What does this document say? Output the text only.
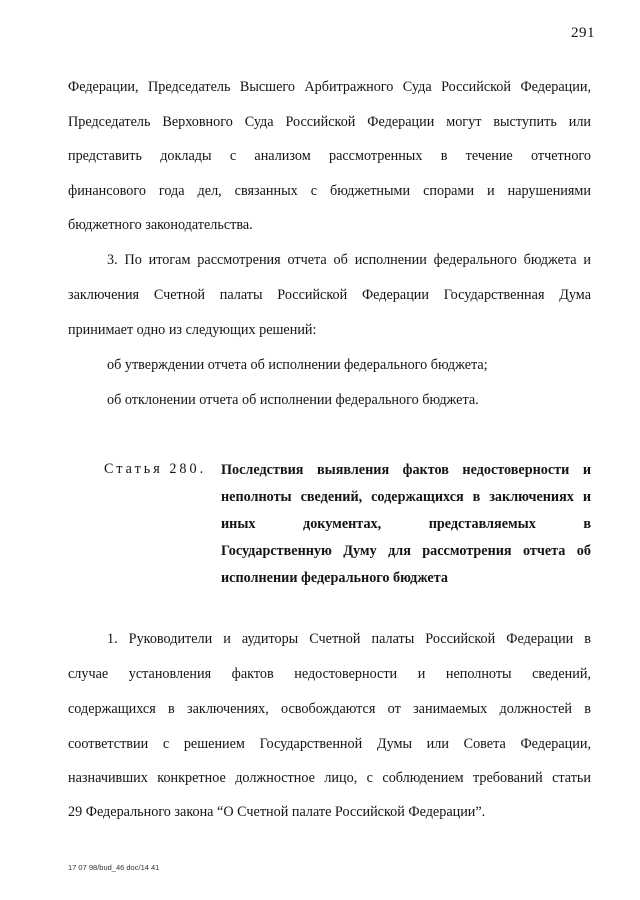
291
Федерации, Председатель Высшего Арбитражного Суда Российской Федерации,
Председатель Верховного Суда Российской Федерации могут выступить или
представить доклады с анализом рассмотренных в течение отчетного
финансового года дел, связанных с бюджетными спорами и нарушениями
бюджетного законодательства.
3. По итогам рассмотрения отчета об исполнении федерального бюджета и
заключения Счетной палаты Российской Федерации Государственная Дума
принимает одно из следующих решений:
об утверждении отчета об исполнении федерального бюджета;
об отклонении отчета об исполнении федерального бюджета.
Статья 280. Последствия выявления фактов недостоверности и
неполноты сведений, содержащихся в заключениях и
иных документах, представляемых в
Государственную Думу для рассмотрения отчета об
исполнении федерального бюджета
1. Руководители и аудиторы Счетной палаты Российской Федерации в
случае установления фактов недостоверности и неполноты сведений,
содержащихся в заключениях, освобождаются от занимаемых должностей в
соответствии с решением Государственной Думы или Совета Федерации,
назначивших конкретное должностное лицо, с соблюдением требований статьи
29 Федерального закона “О Счетной палате Российской Федерации”.
17 07 98/bud_46 doc/14 41
